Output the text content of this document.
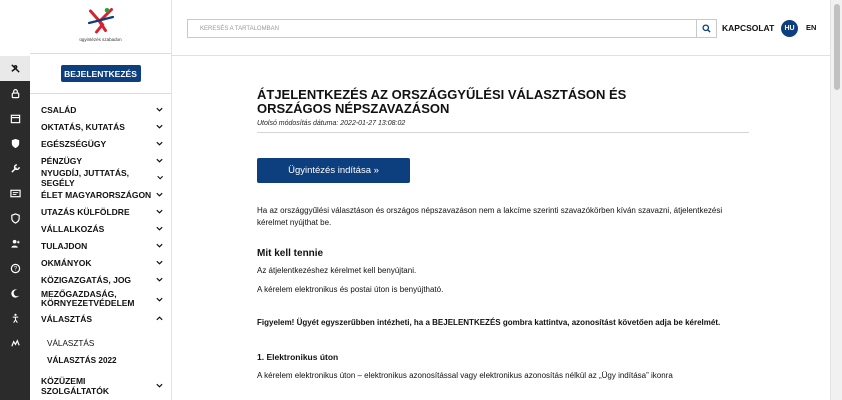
?
ügyintézés szabadon
BEJELENTKEZÉS
CSALÁD
OKTATÁS, KUTATÁS
EGÉSZSÉGÜGY
PÉNZÜGY
NYUGDÍJ, JUTTATÁS, SEGÉLY
ÉLET MAGYARORSZÁGON
UTAZÁS KÜLFÖLDRE
VÁLLALKOZÁS
TULAJDON
OKMÁNYOK
KÖZIGAZGATÁS, JOG
MEZŐGAZDASÁG,
KÖRNYEZETVÉDELEM
VÁLASZTÁS
VÁLASZTÁS
VÁLASZTÁS 2022
KÖZÜZEMI SZOLGÁLTATÓK
KERESÉS A TARTALOMBAN	KAPCSOLAT	HU	EN
ÁTJELENTKEZÉS AZ ORSZÁGGYŰLÉSI VÁLASZTÁSON ÉS ORSZÁGOS NÉPSZAVAZÁSON
Utolsó módosítás dátuma: 2022-01-27 13:08:02
Ügyintézés indítása »
Ha az országgyűlési választáson és országos népszavazáson nem a lakcíme szerinti szavazókörben kíván szavazni, átjelentkezési kérelmet nyújthat be.
Mit kell tennie
Az átjelentkezéshez kérelmet kell benyújtani.
A kérelem elektronikus és postai úton is benyújtható.
Figyelem! Ügyét egyszerűbben intézheti, ha a BEJELENTKEZÉS gombra kattintva, azonosítást követően adja be kérelmét.
1. Elektronikus úton
A kérelem elektronikus úton – elektronikus azonosítással vagy elektronikus azonosítás nélkül az „Ügy indítása” ikonra
